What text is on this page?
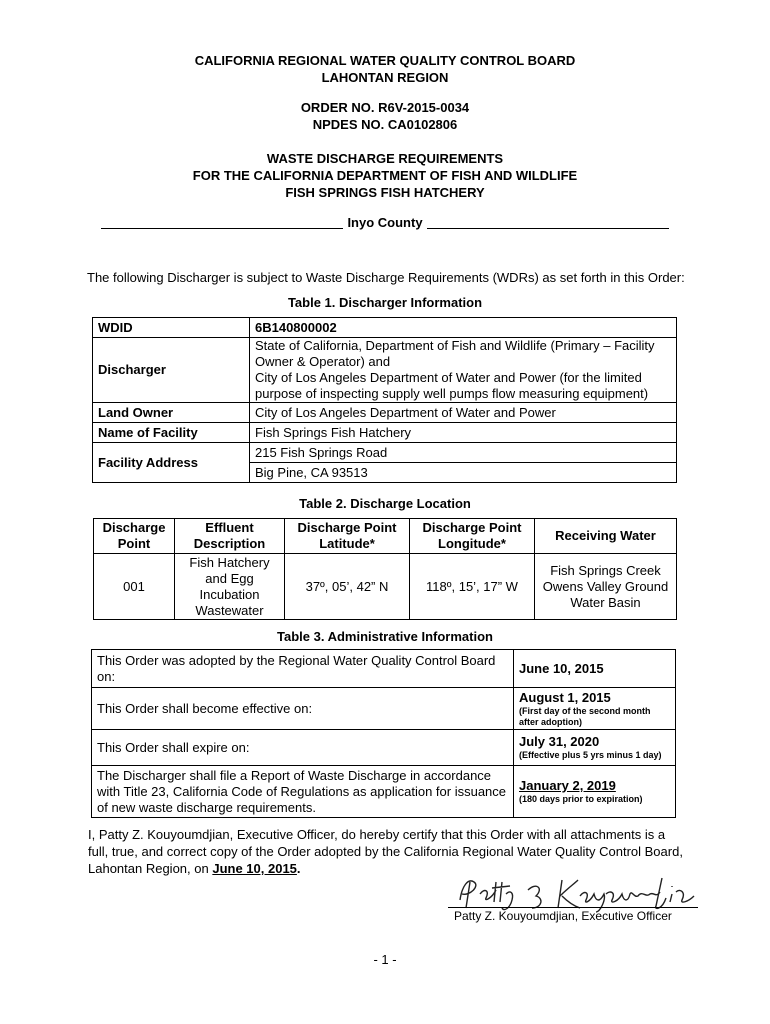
CALIFORNIA REGIONAL WATER QUALITY CONTROL BOARD
LAHONTAN REGION
ORDER NO. R6V-2015-0034
NPDES NO. CA0102806
WASTE DISCHARGE REQUIREMENTS
FOR THE CALIFORNIA DEPARTMENT OF FISH AND WILDLIFE
FISH SPRINGS FISH HATCHERY
Inyo County
The following Discharger is subject to Waste Discharge Requirements (WDRs) as set forth in this Order:
Table 1. Discharger Information
WDID	6B140800002
Discharger	State of California, Department of Fish and Wildlife (Primary – Facility Owner & Operator) and
City of Los Angeles Department of Water and Power (for the limited purpose of inspecting supply well pumps flow measuring equipment)

Land Owner	City of Los Angeles Department of Water and Power
Name of Facility	Fish Springs Fish Hatchery
Facility Address	215 Fish Springs Road
	Big Pine, CA 93513
Table 2. Discharge Location
Discharge Point	Effluent Description	Discharge Point Latitude*	Discharge Point Longitude*	Receiving Water
001	Fish Hatchery and Egg Incubation Wastewater	37º, 05’, 42” N	118º, 15’, 17” W	Fish Springs Creek Owens Valley Ground Water Basin
Table 3. Administrative Information
This Order was adopted by the Regional Water Quality Control Board on:	June 10, 2015
This Order shall become effective on:	August 1, 2015
(First day of the second month after adoption)

This Order shall expire on:	July 31, 2020
(Effective plus 5 yrs minus 1 day)

The Discharger shall file a Report of Waste Discharge in accordance with Title 23, California Code of Regulations as application for issuance of new waste discharge requirements.	January 2, 2019
(180 days prior to expiration)
I, Patty Z. Kouyoumdjian, Executive Officer, do hereby certify that this Order with all attachments is a full, true, and correct copy of the Order adopted by the California Regional Water Quality Control Board, Lahontan Region, on June 10, 2015.
Patty Z. Kouyoumdjian, Executive Officer
- 1 -
